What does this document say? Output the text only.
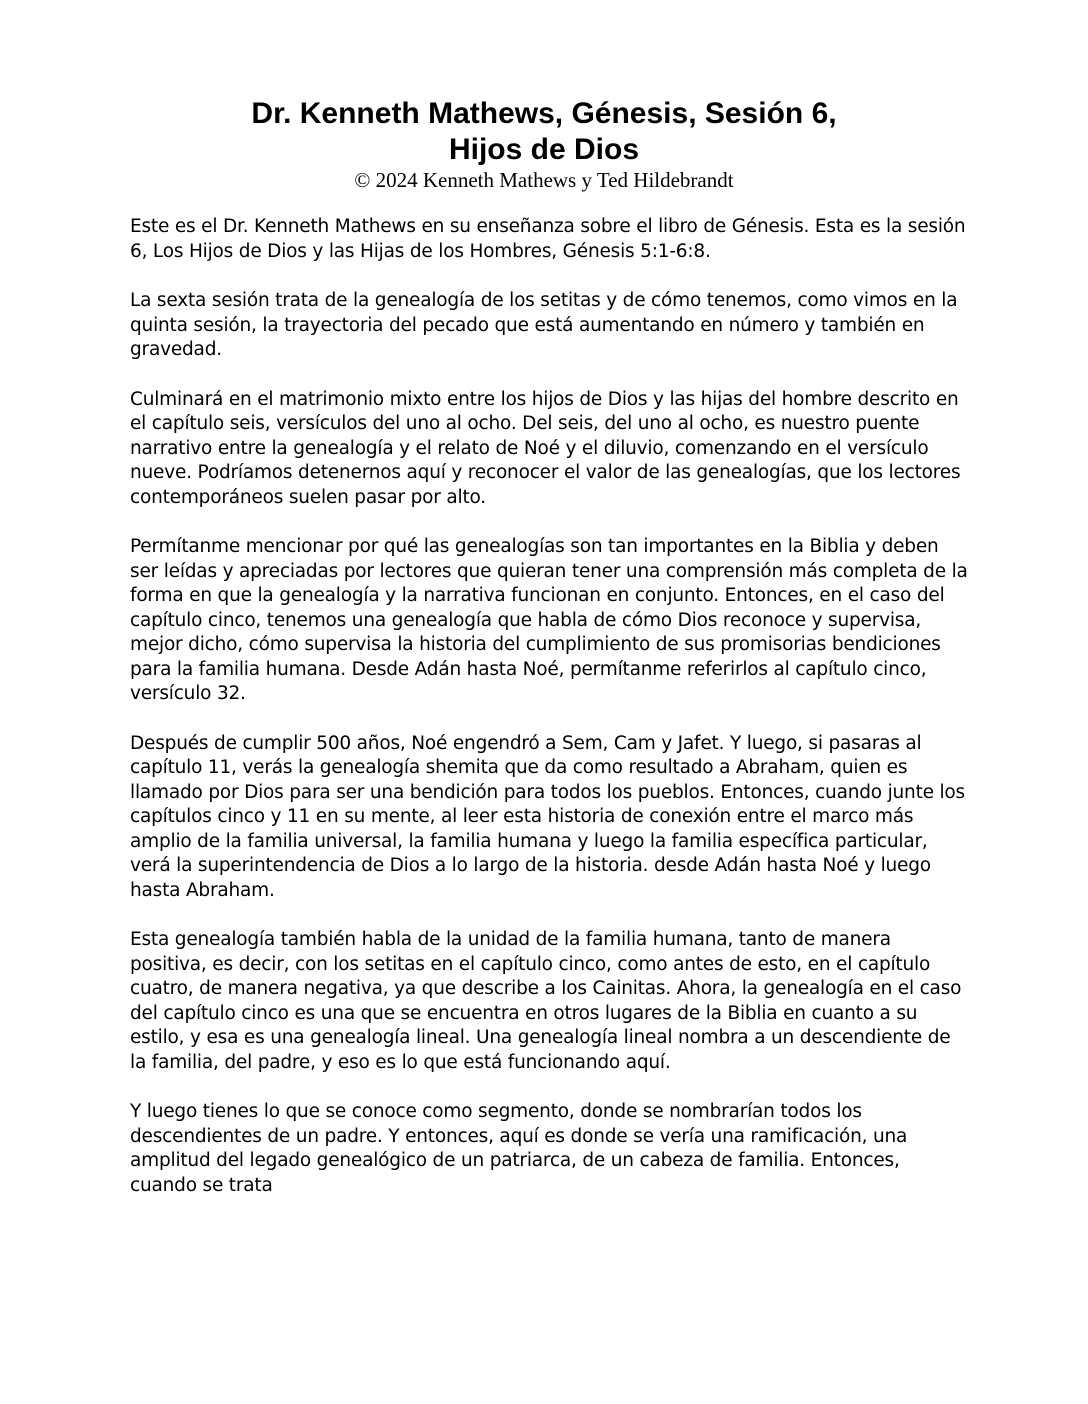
Dr. Kenneth Mathews, Génesis, Sesión 6,
Hijos de Dios
© 2024 Kenneth Mathews y Ted Hildebrandt

Este es el Dr. Kenneth Mathews en su enseñanza sobre el libro de Génesis. Esta es la sesión 6, Los Hijos de Dios y las Hijas de los Hombres, Génesis 5:1-6:8.

La sexta sesión trata de la genealogía de los setitas y de cómo tenemos, como vimos en la quinta sesión, la trayectoria del pecado que está aumentando en número y también en gravedad.

Culminará en el matrimonio mixto entre los hijos de Dios y las hijas del hombre descrito en el capítulo seis, versículos del uno al ocho. Del seis, del uno al ocho, es nuestro puente narrativo entre la genealogía y el relato de Noé y el diluvio, comenzando en el versículo nueve. Podríamos detenernos aquí y reconocer el valor de las genealogías, que los lectores contemporáneos suelen pasar por alto.

Permítanme mencionar por qué las genealogías son tan importantes en la Biblia y deben ser leídas y apreciadas por lectores que quieran tener una comprensión más completa de la forma en que la genealogía y la narrativa funcionan en conjunto. Entonces, en el caso del capítulo cinco, tenemos una genealogía que habla de cómo Dios reconoce y supervisa, mejor dicho, cómo supervisa la historia del cumplimiento de sus promisorias bendiciones para la familia humana. Desde Adán hasta Noé, permítanme referirlos al capítulo cinco, versículo 32.

Después de cumplir 500 años, Noé engendró a Sem, Cam y Jafet. Y luego, si pasaras al capítulo 11, verás la genealogía shemita que da como resultado a Abraham, quien es llamado por Dios para ser una bendición para todos los pueblos. Entonces, cuando junte los capítulos cinco y 11 en su mente, al leer esta historia de conexión entre el marco más amplio de la familia universal, la familia humana y luego la familia específica particular, verá la superintendencia de Dios a lo largo de la historia. desde Adán hasta Noé y luego hasta Abraham.

Esta genealogía también habla de la unidad de la familia humana, tanto de manera positiva, es decir, con los setitas en el capítulo cinco, como antes de esto, en el capítulo cuatro, de manera negativa, ya que describe a los Cainitas. Ahora, la genealogía en el caso del capítulo cinco es una que se encuentra en otros lugares de la Biblia en cuanto a su estilo, y esa es una genealogía lineal. Una genealogía lineal nombra a un descendiente de la familia, del padre, y eso es lo que está funcionando aquí.

Y luego tienes lo que se conoce como segmento, donde se nombrarían todos los descendientes de un padre. Y entonces, aquí es donde se vería una ramificación, una amplitud del legado genealógico de un patriarca, de un cabeza de familia. Entonces, cuando se trata
